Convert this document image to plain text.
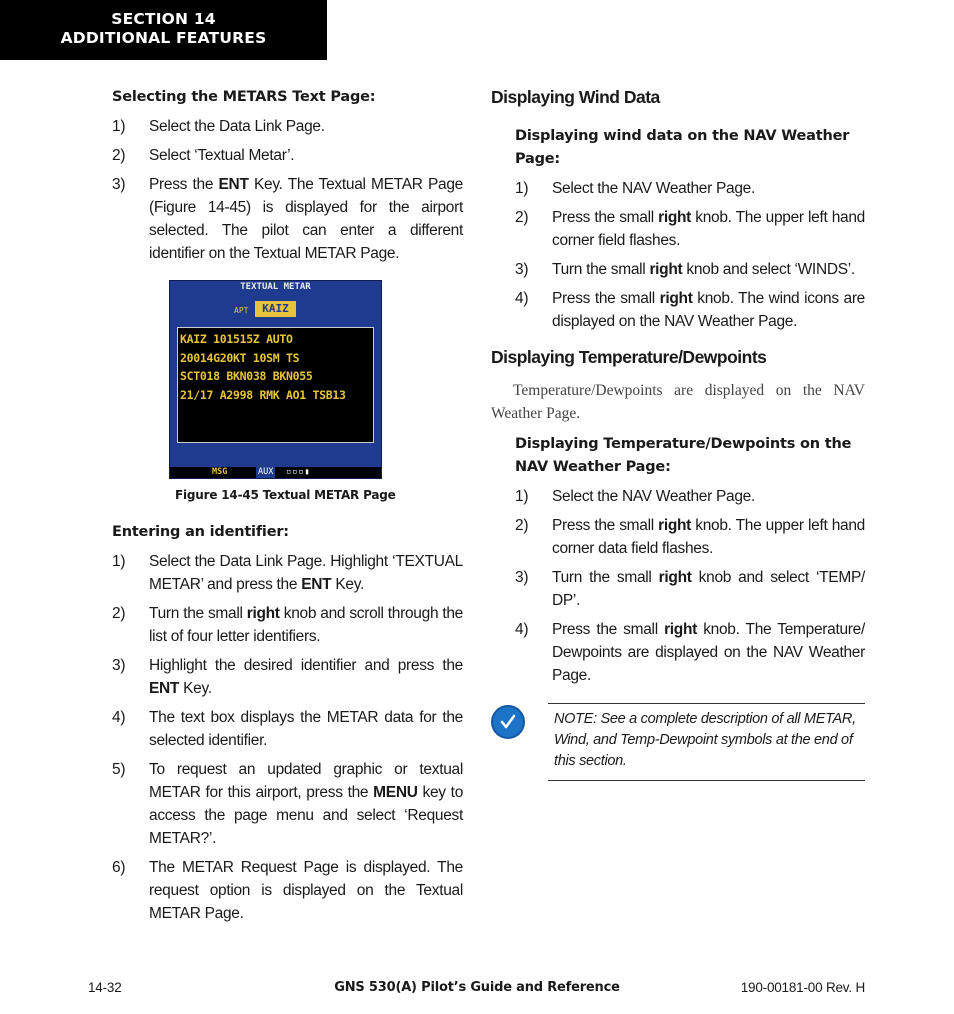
SECTION 14
ADDITIONAL FEATURES
Selecting the METARS Text Page:
1) Select the Data Link Page.
2) Select ‘Textual Metar’.
3) Press the ENT Key. The Textual METAR Page (Figure 14-45) is displayed for the airport selected. The pilot can enter a different identifier on the Textual METAR Page.
TEXTUAL METAR
APT	KAIZ
KAIZ 101515Z AUTO
20014G20KT 10SM TS
SCT018 BKN038 BKN055
21/17 A2998 RMK AO1 TSB13
MSG	AUX ▫▫▫▮
Figure 14-45 Textual METAR Page
Entering an identifier:
1) Select the Data Link Page. Highlight ‘TEXTUAL METAR’ and press the ENT Key.
2) Turn the small right knob and scroll through the list of four letter identifiers.
3) Highlight the desired identifier and press the ENT Key.
4) The text box displays the METAR data for the selected identifier.
5) To request an updated graphic or textual METAR for this airport, press the MENU key to access the page menu and select ‘Request METAR?’.
6) The METAR Request Page is displayed. The request option is displayed on the Textual METAR Page.
Displaying Wind Data
Displaying wind data on the NAV Weather Page:
1) Select the NAV Weather Page.
2) Press the small right knob. The upper left hand corner field flashes.
3) Turn the small right knob and select ‘WINDS’.
4) Press the small right knob. The wind icons are displayed on the NAV Weather Page.
Displaying Temperature/Dewpoints
Temperature/Dewpoints are displayed on the NAV Weather Page.
Displaying Temperature/Dewpoints on the NAV Weather Page:
1) Select the NAV Weather Page.
2) Press the small right knob. The upper left hand corner data field flashes.
3) Turn the small right knob and select ‘TEMP/ DP’.
4) Press the small right knob. The Temperature/ Dewpoints are displayed on the NAV Weather Page.
NOTE: See a complete description of all METAR, Wind, and Temp-Dewpoint symbols at the end of this section.
14-32	GNS 530(A) Pilot’s Guide and Reference	190-00181-00 Rev. H
